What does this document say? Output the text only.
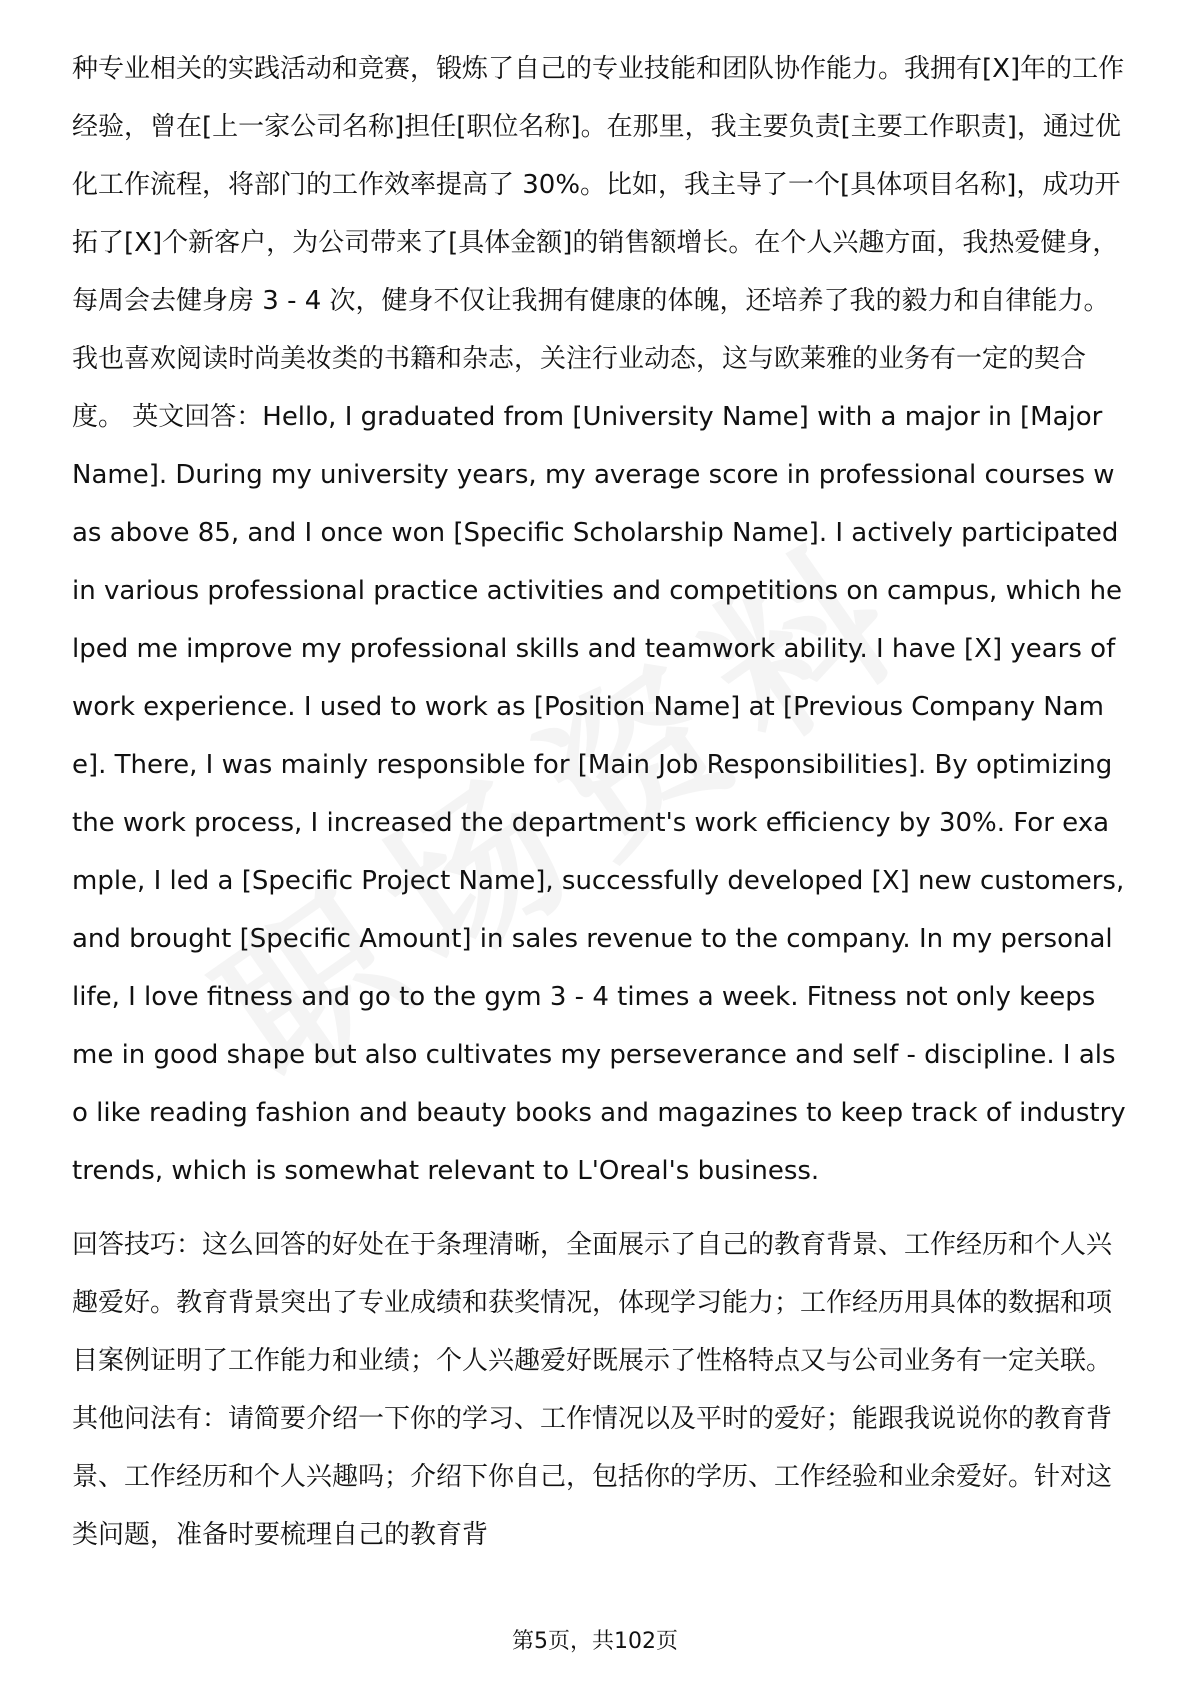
种专业相关的实践活动和竞赛，锻炼了自己的专业技能和团队协作能力。我拥有[X]年的工作经验，曾在[上一家公司名称]担任[职位名称]。在那里，我主要负责[主要工作职责]，通过优化工作流程，将部门的工作效率提高了 30%。比如，我主导了一个[具体项目名称]，成功开拓了[X]个新客户，为公司带来了[具体金额]的销售额增长。在个人兴趣方面，我热爱健身，每周会去健身房 3 - 4 次，健身不仅让我拥有健康的体魄，还培养了我的毅力和自律能力。我也喜欢阅读时尚美妆类的书籍和杂志，关注行业动态，这与欧莱雅的业务有一定的契合度。 英文回答：Hello, I graduated from [University Name] with a major in [Major Name]. During my university years, my average score in professional courses was above 85, and I once won [Specific Scholarship Name]. I actively participated in various professional practice activities and competitions on campus, which helped me improve my professional skills and teamwork ability. I have [X] years of work experience. I used to work as [Position Name] at [Previous Company Name]. There, I was mainly responsible for [Main Job Responsibilities]. By optimizing the work process, I increased the department's work efficiency by 30%. For example, I led a [Specific Project Name], successfully developed [X] new customers, and brought [Specific Amount] in sales revenue to the company. In my personal life, I love fitness and go to the gym 3 - 4 times a week. Fitness not only keeps me in good shape but also cultivates my perseverance and self - discipline. I also like reading fashion and beauty books and magazines to keep track of industry trends, which is somewhat relevant to L'Oreal's business.

回答技巧：这么回答的好处在于条理清晰，全面展示了自己的教育背景、工作经历和个人兴趣爱好。教育背景突出了专业成绩和获奖情况，体现学习能力；工作经历用具体的数据和项目案例证明了工作能力和业绩；个人兴趣爱好既展示了性格特点又与公司业务有一定关联。其他问法有：请简要介绍一下你的学习、工作情况以及平时的爱好；能跟我说说你的教育背景、工作经历和个人兴趣吗；介绍下你自己，包括你的学历、工作经验和业余爱好。针对这类问题，准备时要梳理自己的教育背

第5页，共102页
